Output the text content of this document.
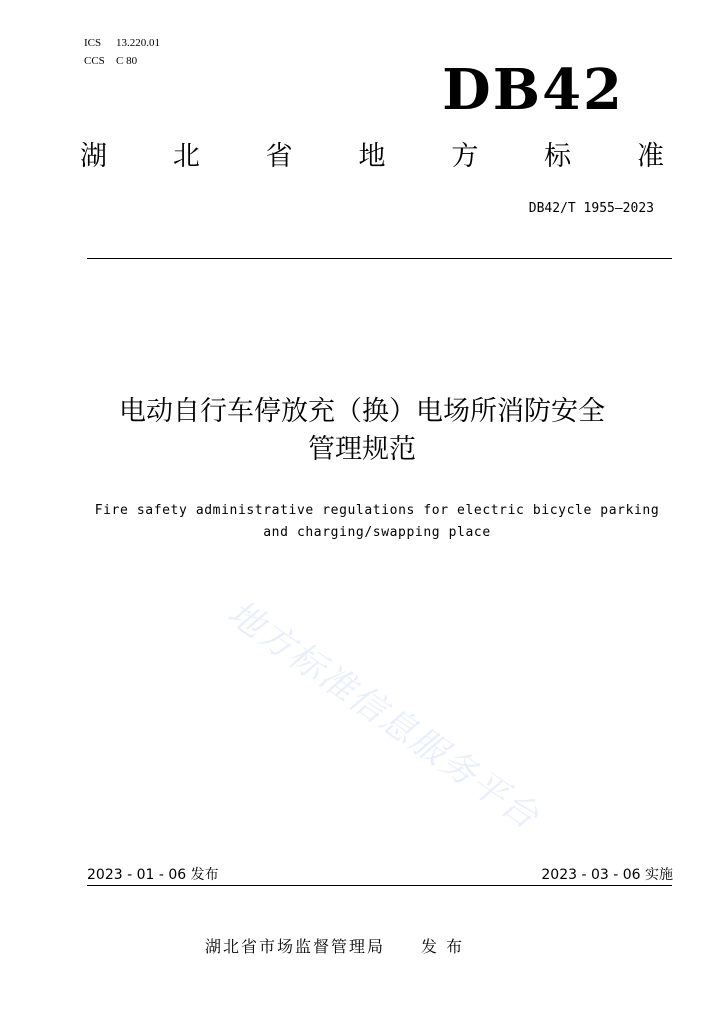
ICS 13.220.01
CCS C 80	DB42
湖 北 省 地 方 标 准
DB42/T 1955—2023
电动自行车停放充（换）电场所消防安全
管理规范
Fire safety administrative regulations for electric bicycle parking
and charging/swapping place
地方标准信息服务平台
2023 - 01 - 06 发布	2023 - 03 - 06 实施
湖北省市场监督管理局 发 布
